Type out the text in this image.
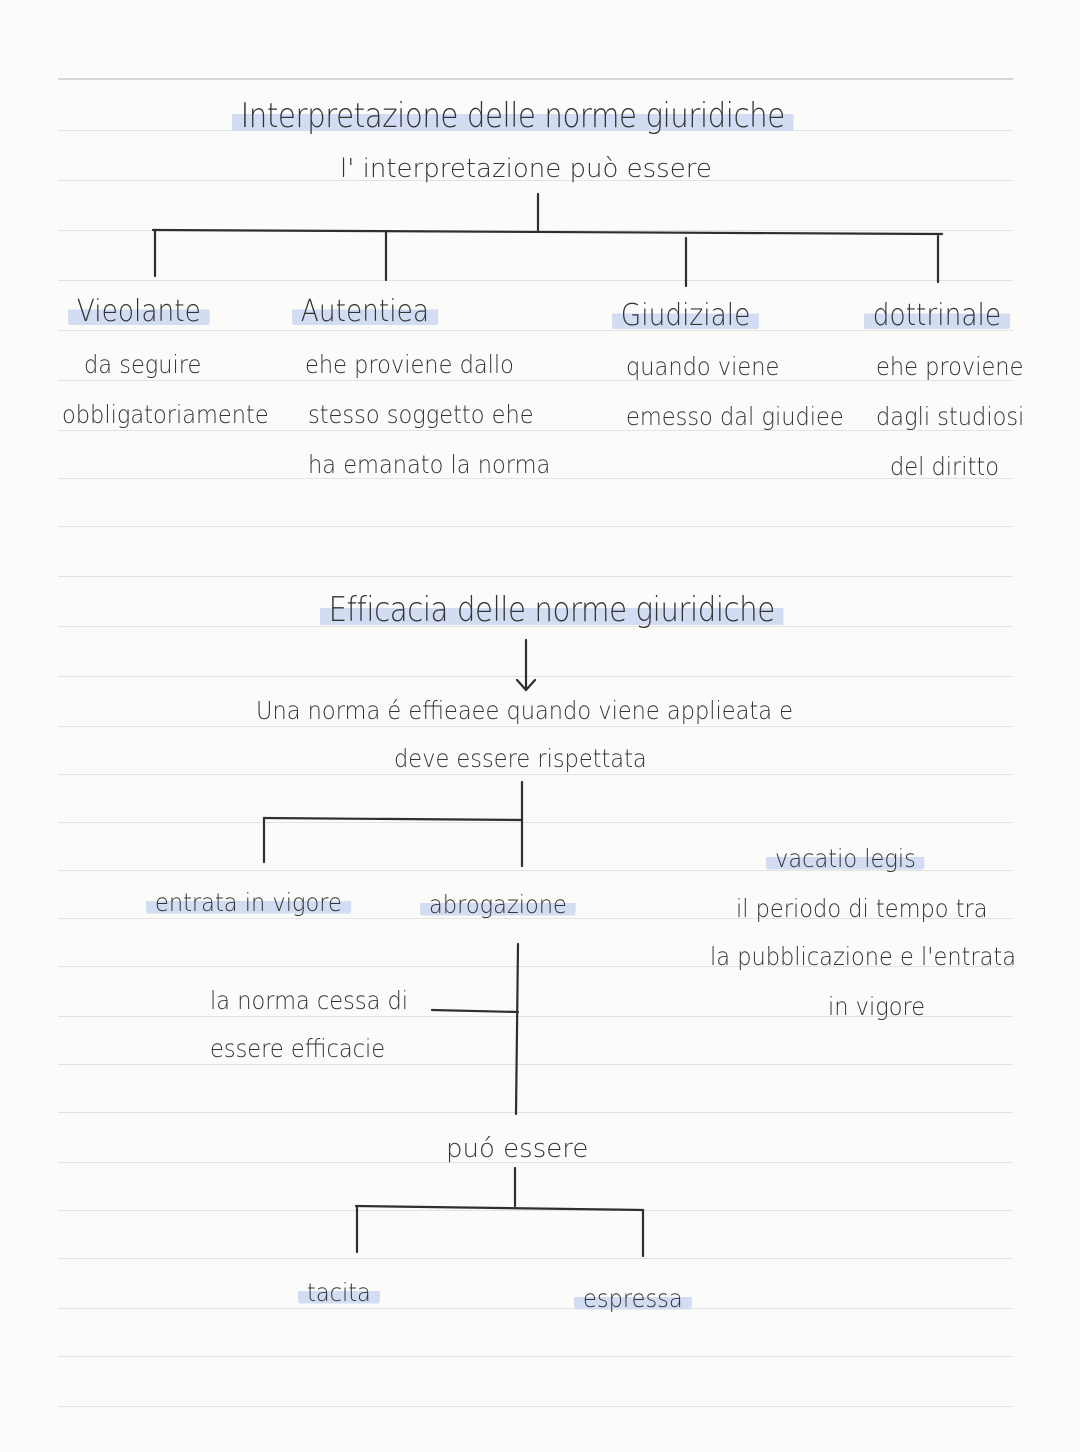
Interpretazione delle norme giuridiche
l' interpretazione può essere
Vieolante
da seguire
obbligatoriamente
Autentiea
ehe proviene dallo
stesso soggetto ehe
ha emanato la norma
Giudiziale
quando viene
emesso dal giudiee
dottrinale
ehe proviene
dagli studiosi
del diritto
Efficacia delle norme giuridiche
Una norma é effieaee quando viene applieata e
deve essere rispettata
entrata in vigore	abrogazione
vacatio legis
il periodo di tempo tra
la pubblicazione e l'entrata
in vigore
la norma cessa di
essere efficacie
puó essere
tacita	espressa
